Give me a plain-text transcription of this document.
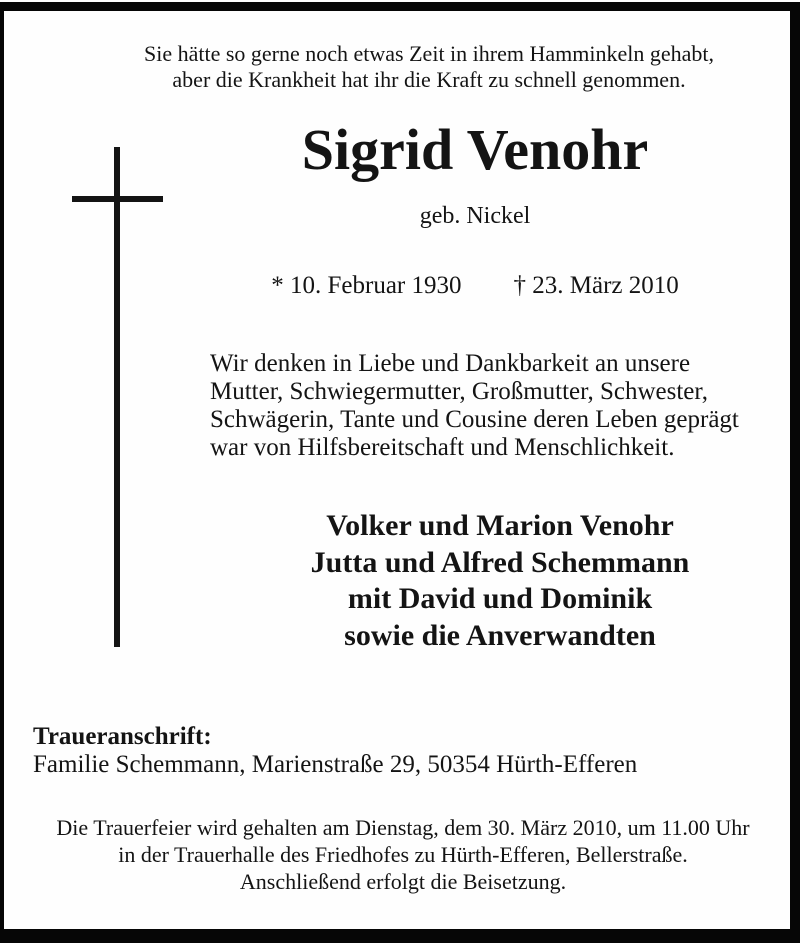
Sie hätte so gerne noch etwas Zeit in ihrem Hamminkeln gehabt,
aber die Krankheit hat ihr die Kraft zu schnell genommen.
Sigrid Venohr
geb. Nickel
* 10. Februar 1930 † 23. März 2010
Wir denken in Liebe und Dankbarkeit an unsere
Mutter, Schwiegermutter, Großmutter, Schwester,
Schwägerin, Tante und Cousine deren Leben geprägt
war von Hilfsbereitschaft und Menschlichkeit.
Volker und Marion Venohr
Jutta und Alfred Schemmann
mit David und Dominik
sowie die Anverwandten
Traueranschrift:
Familie Schemmann, Marienstraße 29, 50354 Hürth-Efferen
Die Trauerfeier wird gehalten am Dienstag, dem 30. März 2010, um 11.00 Uhr
in der Trauerhalle des Friedhofes zu Hürth-Efferen, Bellerstraße.
Anschließend erfolgt die Beisetzung.
